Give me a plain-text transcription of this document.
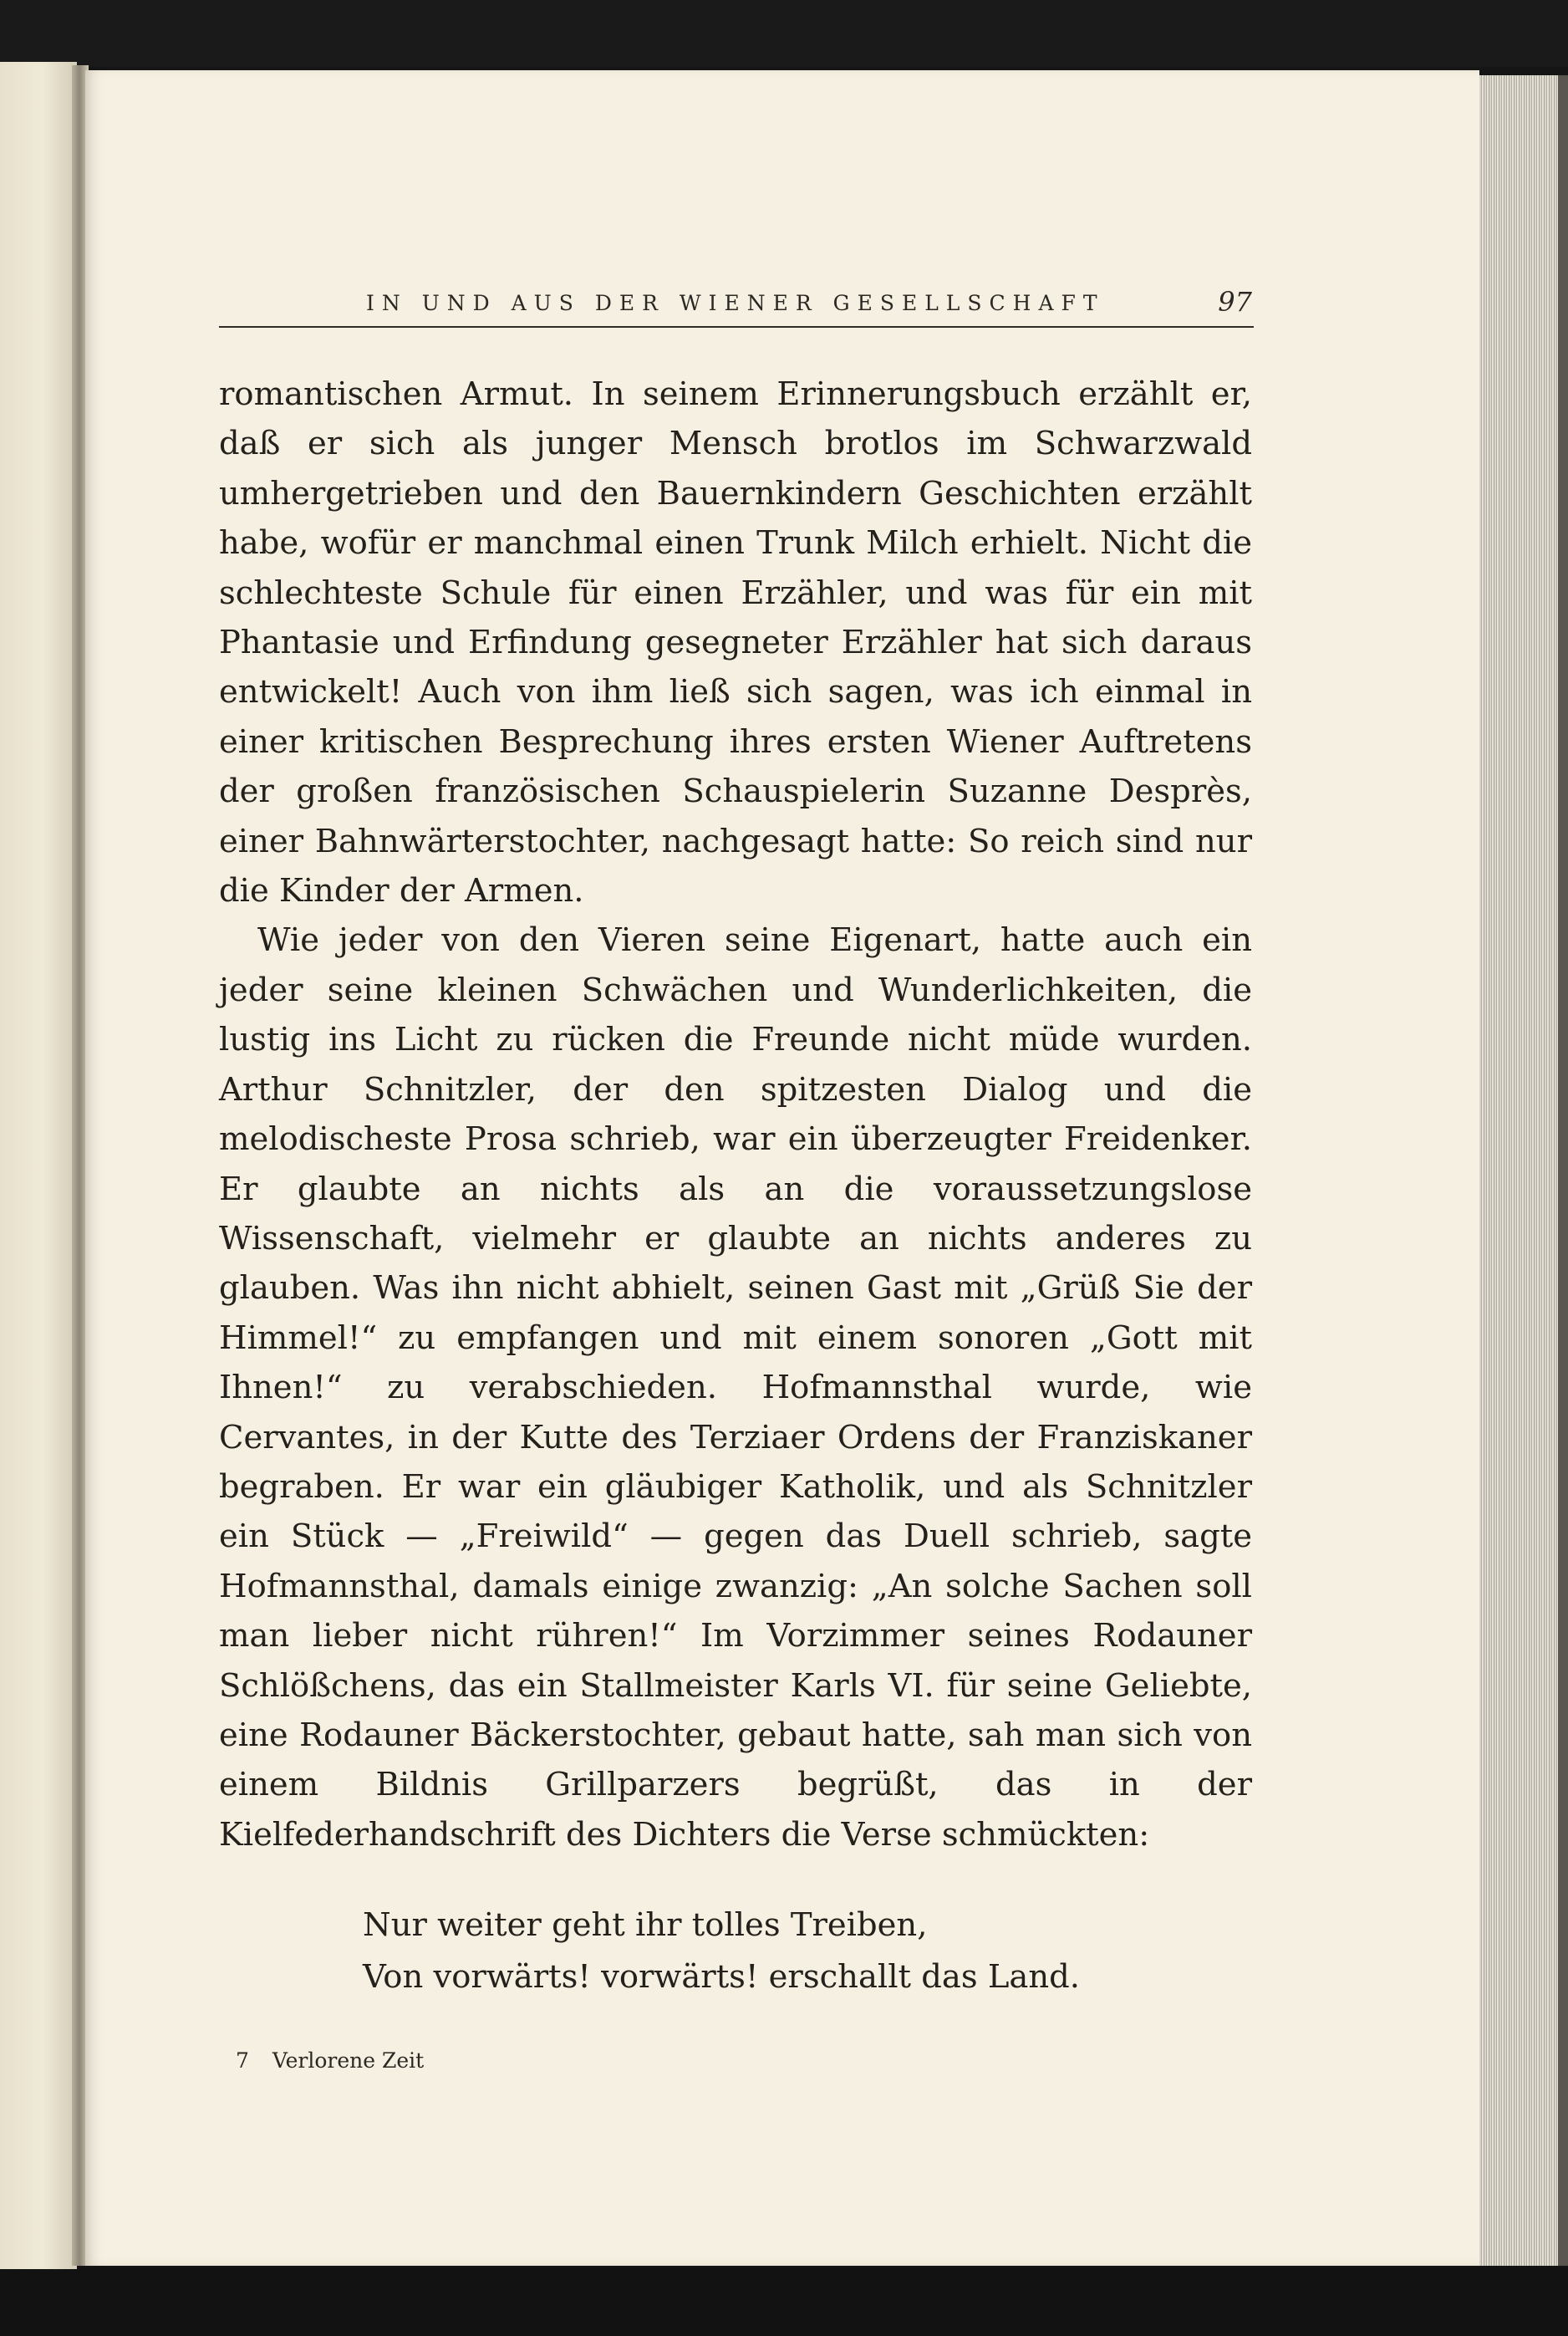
IN UND AUS DER WIENER GESELLSCHAFT	97

romantischen Armut. In seinem Erinnerungsbuch erzählt er, daß er sich als junger Mensch brotlos im Schwarzwald umhergetrieben und den Bauernkindern Geschichten erzählt habe, wofür er manchmal einen Trunk Milch erhielt. Nicht die schlechteste Schule für einen Erzähler, und was für ein mit Phantasie und Erfindung gesegneter Erzähler hat sich daraus entwickelt! Auch von ihm ließ sich sagen, was ich einmal in einer kritischen Besprechung ihres ersten Wiener Auftretens der großen französischen Schauspielerin Suzanne Desprès, einer Bahnwärterstochter, nachgesagt hatte: So reich sind nur die Kinder der Armen.

Wie jeder von den Vieren seine Eigenart, hatte auch ein jeder seine kleinen Schwächen und Wunderlichkeiten, die lustig ins Licht zu rücken die Freunde nicht müde wurden. Arthur Schnitzler, der den spitzesten Dialog und die melodischeste Prosa schrieb, war ein überzeugter Freidenker. Er glaubte an nichts als an die voraussetzungslose Wissenschaft, vielmehr er glaubte an nichts anderes zu glauben. Was ihn nicht abhielt, seinen Gast mit „Grüß Sie der Himmel!“ zu empfangen und mit einem sonoren „Gott mit Ihnen!“ zu verabschieden. Hofmannsthal wurde, wie Cervantes, in der Kutte des Terziaer Ordens der Franziskaner begraben. Er war ein gläubiger Katholik, und als Schnitzler ein Stück — „Freiwild“ — gegen das Duell schrieb, sagte Hofmannsthal, damals einige zwanzig: „An solche Sachen soll man lieber nicht rühren!“ Im Vorzimmer seines Rodauner Schlößchens, das ein Stallmeister Karls VI. für seine Geliebte, eine Rodauner Bäckerstochter, gebaut hatte, sah man sich von einem Bildnis Grillparzers begrüßt, das in der Kielfederhandschrift des Dichters die Verse schmückten:

Nur weiter geht ihr tolles Treiben,
Von vorwärts! vorwärts! erschallt das Land.
7 Verlorene Zeit
